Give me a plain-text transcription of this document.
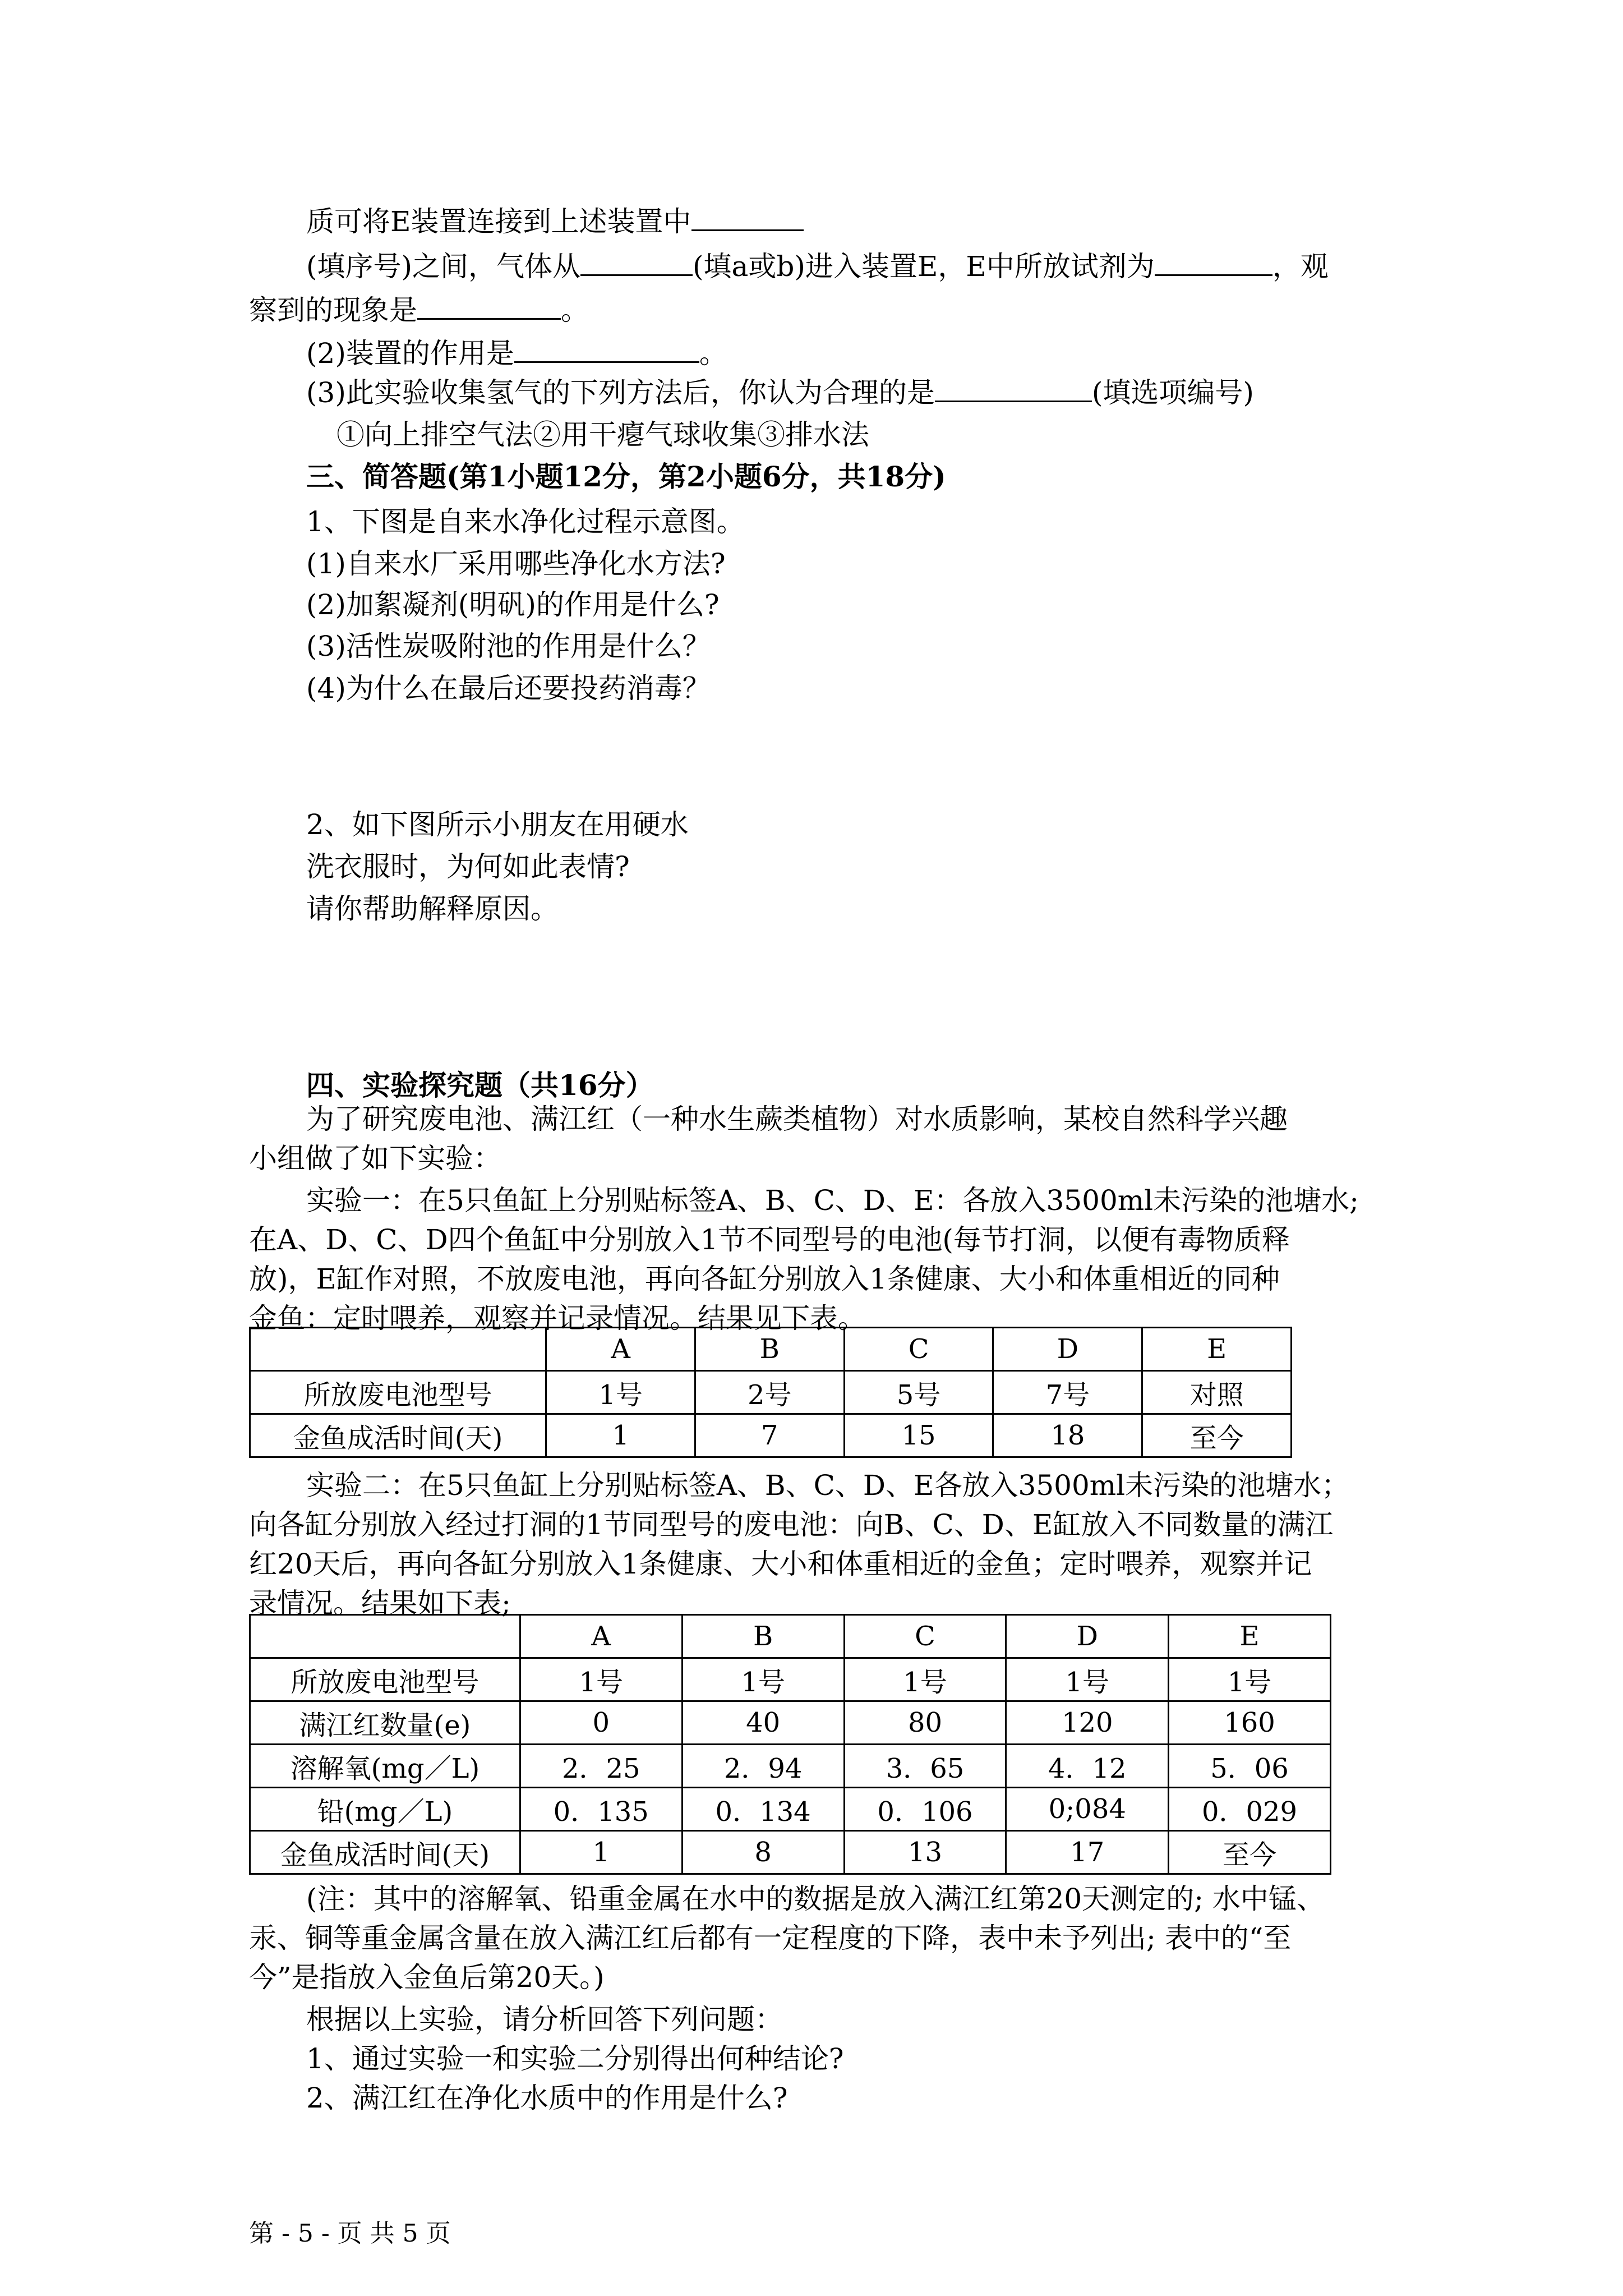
质可将E装置连接到上述装置中
(填序号)之间，气体从	(填a或b)进入装置E，E中所放试剂为	，观
察到的现象是	。
(2)装置的作用是	。
(3)此实验收集氢气的下列方法后，你认为合理的是	(填选项编号)
①向上排空气法②用干瘪气球收集③排水法
三、简答题(第1小题12分，第2小题6分，共18分)
1、下图是自来水净化过程示意图。
(1)自来水厂采用哪些净化水方法?
(2)加絮凝剂(明矾)的作用是什么?
(3)活性炭吸附池的作用是什么？
(4)为什么在最后还要投药消毒？
2、如下图所示小朋友在用硬水
洗衣服时，为何如此表情?
请你帮助解释原因。
四、实验探究题（共16分）
为了研究废电池、满江红（一种水生蕨类植物）对水质影响，某校自然科学兴趣
小组做了如下实验：
实验一：在5只鱼缸上分别贴标签A、B、C、D、E：各放入3500ml未污染的池塘水;
在A、D、C、D四个鱼缸中分别放入1节不同型号的电池(每节打洞，以便有毒物质释
放)，E缸作对照，不放废电池，再向各缸分别放入1条健康、大小和体重相近的同种
金鱼：定时喂养，观察并记录情况。结果见下表。
	A	B	C	D	E
所放废电池型号	1号	2号	5号	7号	对照
金鱼成活时间(天)	1	7	15	18	至今
实验二：在5只鱼缸上分别贴标签A、B、C、D、E各放入3500ml未污染的池塘水；
向各缸分别放入经过打洞的1节同型号的废电池：向B、C、D、E缸放入不同数量的满江
红20天后，再向各缸分别放入1条健康、大小和体重相近的金鱼；定时喂养，观察并记
录情况。结果如下表;
	A	B	C	D	E
所放废电池型号	1号	1号	1号	1号	1号
满江红数量(e)	0	40	80	120	160
溶解氧(mg／L)	2．25	2．94	3．65	4．12	5．06
铅(mg／L)	0．135	0．134	0．106	0;084	0．029
金鱼成活时间(天)	1	8	13	17	至今
(注：其中的溶解氧、铅重金属在水中的数据是放入满江红第20天测定的; 水中锰、
汞、铜等重金属含量在放入满江红后都有一定程度的下降，表中未予列出; 表中的“至
今”是指放入金鱼后第20天。)
根据以上实验，请分析回答下列问题：
1、通过实验一和实验二分别得出何种结论?
2、满江红在净化水质中的作用是什么?
第 - 5 - 页 共 5 页
